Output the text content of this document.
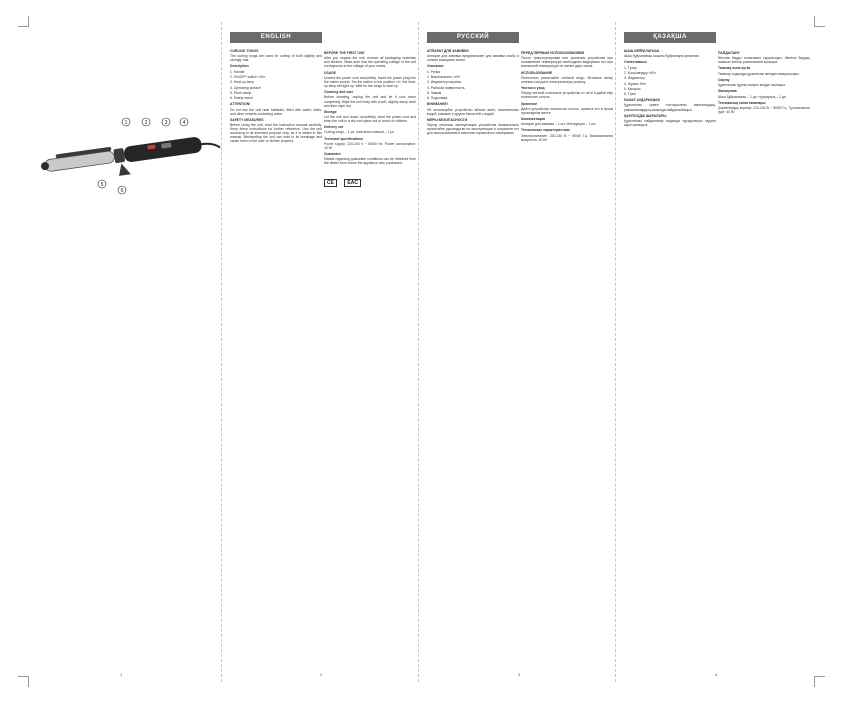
1	2	3	4
5
6
1
ENGLISH

CURLING TONGS

The curling tongs are used for curling of both slightly and strongly hair.

Description

1. Handle

2. ON/OFF switch «I/0»

3. Heat-up lamp

4. Operating surface

5. Pivot clamp

6. Safety stand

ATTENTION!

Do not use the unit near bathtubs, filled with water, sinks, and other vessels containing water.

SAFETY MEASURES

Before using the unit, read the instruction manual carefully. Keep these instructions for further reference. Use the unit according to its intended purpose only, as it is stated in this manual. Mishandling the unit can lead to its breakage and cause harm to the user or his/her property.

BEFORE THE FIRST USE

After you unpack the unit, remove all packaging materials and stickers. Make sure that the operating voltage of the unit corresponds to the voltage of your mains.

USAGE

Unwind the power cord completely. Insert the power plug into the mains socket. Set the switch to the position «I», the heat-up lamp will light up. Wait for the tongs to heat up.

Cleaning and care

Before cleaning, unplug the unit and let it cool down completely. Wipe the unit body with a soft, slightly damp cloth and then wipe dry.

Storage

Let the unit cool down completely, wind the power cord and keep the unit in a dry cool place out of reach of children.

Delivery set

Curling tongs – 1 pc. Instruction manual – 1 pc.

Technical specifications

Power supply: 220-240 V ~ 50/60 Hz. Power consumption: 40 W

Guarantee

Details regarding guarantee conditions can be obtained from the dealer from whom the appliance was purchased.

CE	EAC
2
РУССКИЙ

АППАРАТ ДЛЯ ЗАВИВКИ

Аппарат для завивки предназначен для завивки слабо и сильно вьющихся волос.

Описание

1. Ручка

2. Выключатель «I/0»

3. Индикатор нагрева

4. Рабочая поверхность

5. Зажим

6. Подставка

ВНИМАНИЕ!

Не используйте устройство вблизи ванн, наполненных водой, раковин и других ёмкостей с водой.

МЕРЫ БЕЗОПАСНОСТИ

Перед началом эксплуатации устройства внимательно прочитайте руководство по эксплуатации и сохраните его для использования в качестве справочного материала.

ПЕРЕД ПЕРВЫМ ИСПОЛЬЗОВАНИЕМ

После транспортировки или хранения устройства при пониженной температуре необходимо выдержать его при комнатной температуре не менее двух часов.

ИСПОЛЬЗОВАНИЕ

Полностью размотайте сетевой шнур. Вставьте вилку сетевого шнура в электрическую розетку.

Чистка и уход

Перед чисткой отключите устройство от сети и дайте ему полностью остыть.

Хранение

Дайте устройству полностью остыть, храните его в сухом прохладном месте.

Комплектация

Аппарат для завивки – 1 шт. Инструкция – 1 шт.

Технические характеристики

Электропитание: 220-240 В ~ 50/60 Гц. Максимальная мощность: 40 Вт

3
ҚАЗАҚША

ШАШ БҰЙРАЛАҒЫШ

Шаш бұйралағыш шашты бұйралауға арналған.

Сипаттамасы

1. Тұтқа

2. Қосу/сөндіру «I/0»

3. Индикатор

4. Жұмыс беті

5. Қысқыш

6. Тірек

НАЗАР АУДАРЫҢЫЗ!

Құрылғыны сумен толтырылған ванналардың, раковиналардың жанында пайдаланбаңыз.

ҚАУІПСІЗДІК ШАРАЛАРЫ

Құрылғыны пайдаланар алдында нұсқаулықты мұқият оқып шығыңыз.

ПАЙДАЛАНУ

Желілік бауды толығымен тарқатыңыз. Желілік баудың ашасын электр розеткасына қосыңыз.

Тазалау және күтім

Тазалау алдында құрылғыны желіден ажыратыңыз.

Сақтау

Құрылғыны құрғақ салқын жерде сақтаңыз.

Жинақтама

Шаш бұйралағыш – 1 дн. Нұсқаулық – 1 дн.

Техникалық сипаттамалары

Қоректендіру кернеуі: 220-240 В ~ 50/60 Гц. Тұтынылатын қуат: 40 Вт

4
